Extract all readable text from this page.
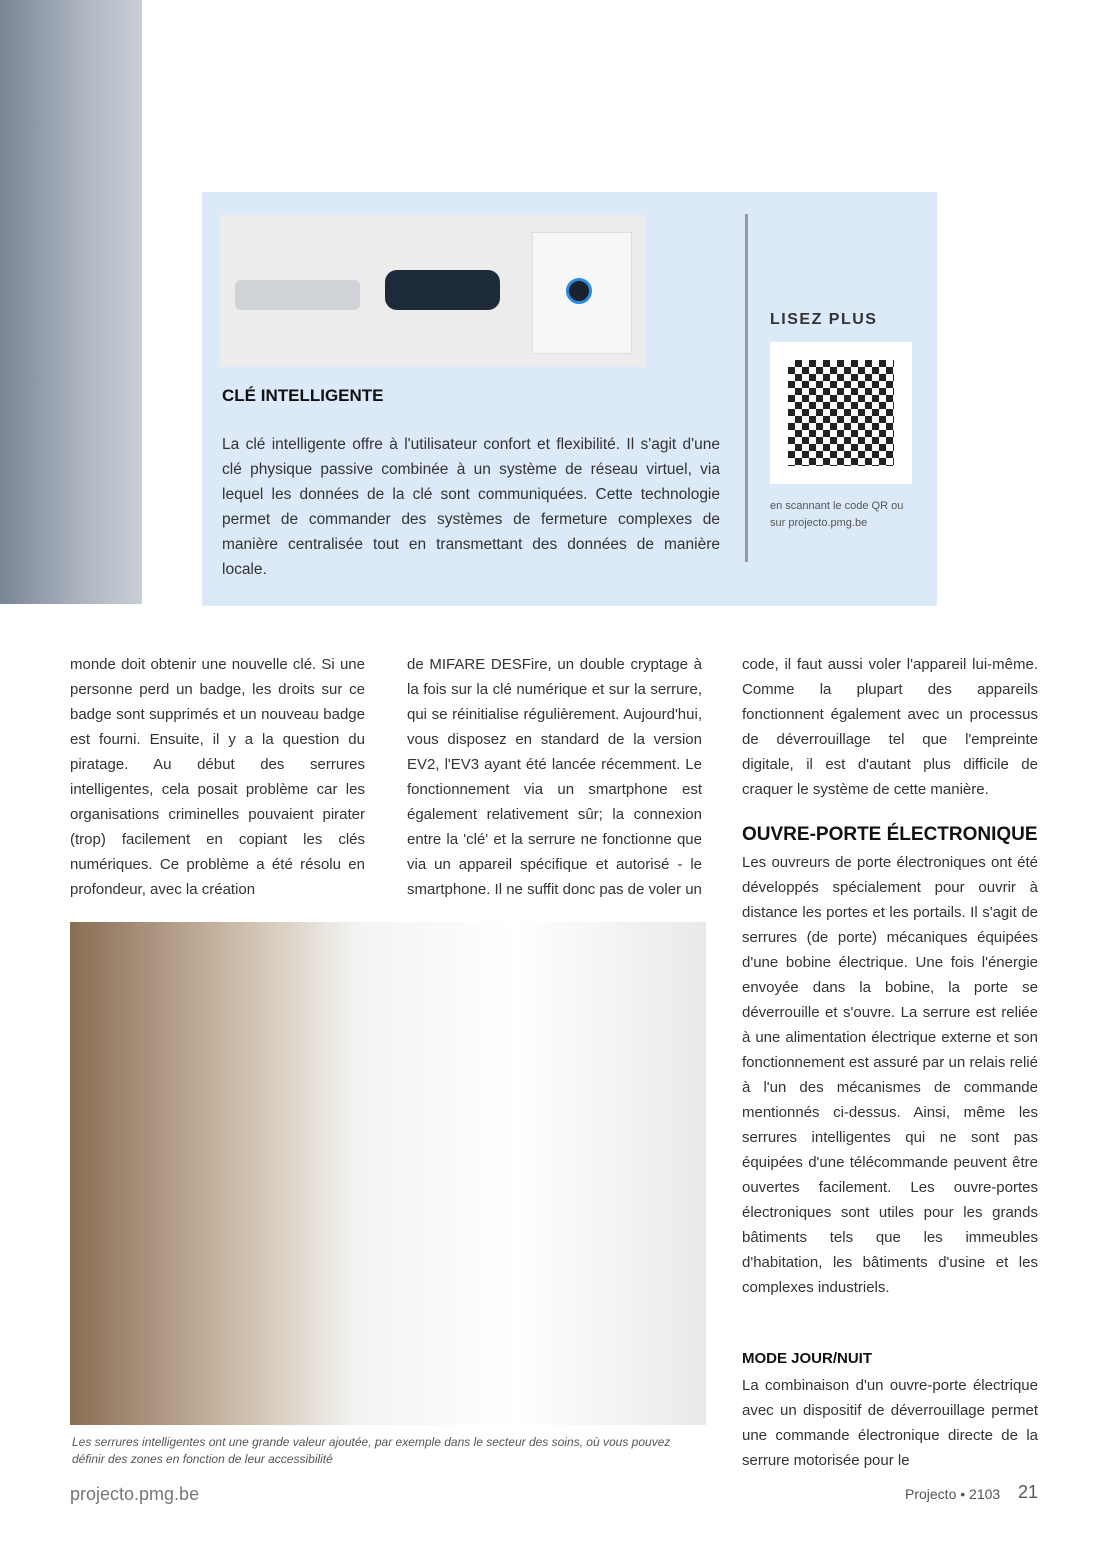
CLÉ INTELLIGENTE
La clé intelligente offre à l'utilisateur confort et flexibilité. Il s'agit d'une clé physique passive combinée à un système de réseau virtuel, via lequel les données de la clé sont communiquées. Cette technologie permet de commander des systèmes de fermeture complexes de manière centralisée tout en transmettant des données de manière locale.
LISEZ PLUS
en scannant le code QR ou sur projecto.pmg.be
monde doit obtenir une nouvelle clé. Si une personne perd un badge, les droits sur ce badge sont supprimés et un nouveau badge est fourni. Ensuite, il y a la question du piratage. Au début des serrures intelligentes, cela posait problème car les organisations criminelles pouvaient pirater (trop) facilement en copiant les clés numériques. Ce problème a été résolu en profondeur, avec la création
de MIFARE DESFire, un double cryptage à la fois sur la clé numérique et sur la serrure, qui se réinitialise régulièrement. Aujourd'hui, vous disposez en standard de la version EV2, l'EV3 ayant été lancée récemment. Le fonctionnement via un smartphone est également relativement sûr; la connexion entre la 'clé' et la serrure ne fonctionne que via un appareil spécifique et autorisé - le smartphone. Il ne suffit donc pas de voler un
code, il faut aussi voler l'appareil lui-même. Comme la plupart des appareils fonctionnent également avec un processus de déverrouillage tel que l'empreinte digitale, il est d'autant plus difficile de craquer le système de cette manière.
OUVRE-PORTE ÉLECTRONIQUE
Les ouvreurs de porte électroniques ont été développés spécialement pour ouvrir à distance les portes et les portails. Il s'agit de serrures (de porte) mécaniques équipées d'une bobine électrique. Une fois l'énergie envoyée dans la bobine, la porte se déverrouille et s'ouvre. La serrure est reliée à une alimentation électrique externe et son fonctionnement est assuré par un relais relié à l'un des mécanismes de commande mentionnés ci-dessus. Ainsi, même les serrures intelligentes qui ne sont pas équipées d'une télécommande peuvent être ouvertes facilement. Les ouvre-portes électroniques sont utiles pour les grands bâtiments tels que les immeubles d'habitation, les bâtiments d'usine et les complexes industriels.
MODE JOUR/NUIT
La combinaison d'un ouvre-porte électrique avec un dispositif de déverrouillage permet une commande électronique directe de la serrure motorisée pour le
Les serrures intelligentes ont une grande valeur ajoutée, par exemple dans le secteur des soins, où vous pouvez définir des zones en fonction de leur accessibilité
projecto.pmg.be	Projecto • 2103 21
